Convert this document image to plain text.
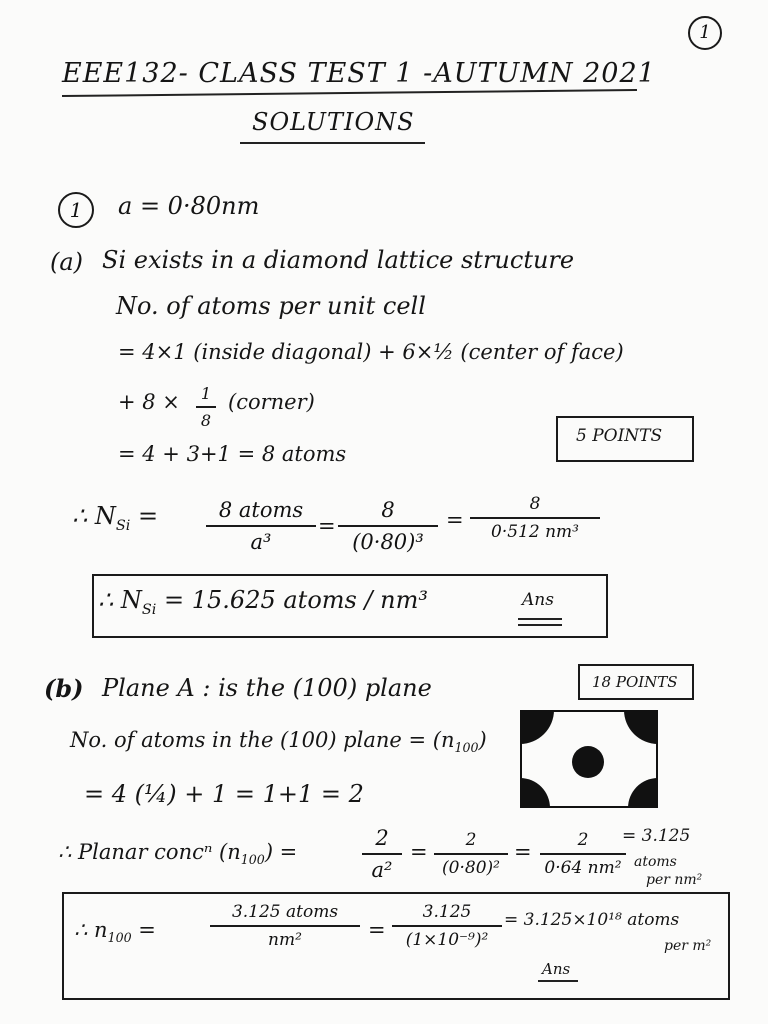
1
EEE132- CLASS TEST 1 -AUTUMN 2021
SOLUTIONS
1	a = 0·80nm
(a) Si exists in a diamond lattice structure
No. of atoms per unit cell
= 4×1 (inside diagonal) + 6×½ (center of face)
+ 8 ×	1
8
(corner)
= 4 + 3+1 = 8 atoms
5 POINTS
∴ $N_{Si}$ =	8 atoms
a³
=
8
(0·80)³
=
8
0·512 nm³
∴ $N_{Si} = 15.625$ atoms / nm³	Ans
(b) Plane A : is the (100) plane	18 POINTS
No. of atoms in the (100) plane = $(n_{100})$
= 4 (¼) + 1 = 1+1 = 2
∴ Planar concⁿ $(n_{100})$ =
2
a²
=	2
(0·80)²
=	2
0·64 nm²
= 3.125
atoms
per nm²
∴ $n_{100}$ =
3.125 atoms
nm²	=
3.125
(1×10⁻⁹)²
= 3.125×10¹⁸ atoms
per m²
Ans
